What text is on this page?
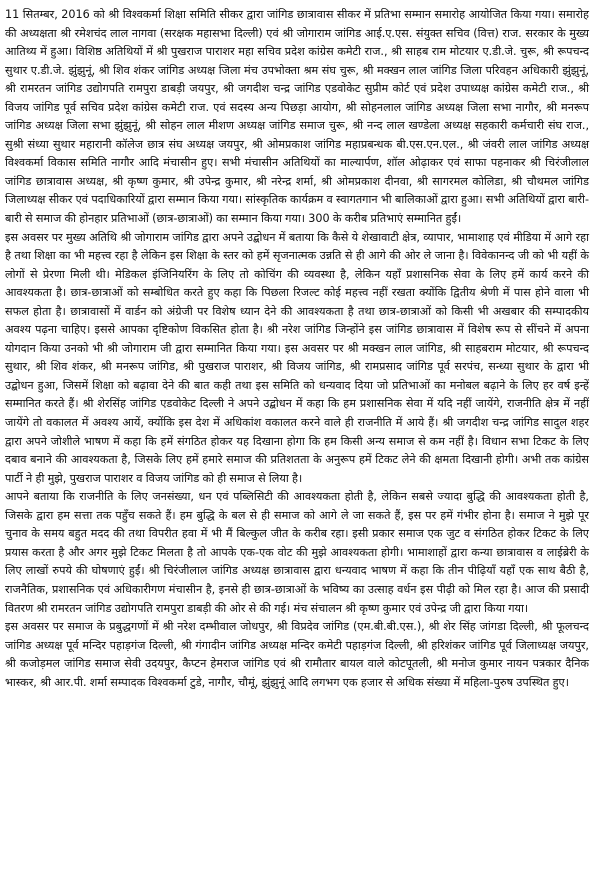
11 सितम्बर, 2016 को श्री विश्वकर्मा शिक्षा समिति सीकर द्वारा जांगिड छात्रावास सीकर में प्रतिभा सम्मान समारोह आयोजित किया गया। समारोह की अध्यक्षता श्री रमेशचंद लाल नागवा (सरक्षक महासभा दिल्ली) एवं श्री जोगाराम जांगिड आई.ए.एस. संयुक्त सचिव (वित्त) राज. सरकार के मुख्य आतिथ्य में हुआ। विशिष्ठ अतिथियों में श्री पुखराज पाराशर महा सचिव प्रदेश कांग्रेस कमेटी राज., श्री साहब राम मोटयार ए.डी.जे. चुरू, श्री रूपचन्द सुथार ए.डी.जे. झुंझुनूं, श्री शिव शंकर जांगिड अध्यक्ष जिला मंच उपभोक्ता श्रम संघ चुरू, श्री मक्खन लाल जांगिड जिला परिवहन अधिकारी झुंझुनूं, श्री रामरतन जांगिड उद्योगपति रामपुरा डाबड़ी जयपुर, श्री जगदीश चन्द्र जांगिड एडवोकेट सुप्रीम कोर्ट एवं प्रदेश उपाध्यक्ष कांग्रेस कमेटी राज., श्री विजय जांगिड पूर्व सचिव प्रदेश कांग्रेस कमेटी राज. एवं सदस्य अन्य पिछड़ा आयोग, श्री सोहनलाल जांगिड अध्यक्ष जिला सभा नागौर, श्री मनरूप जांगिड अध्यक्ष जिला सभा झुंझुनूं, श्री सोहन लाल मीशण अध्यक्ष जांगिड समाज चुरू, श्री नन्द लाल खण्डेला अध्यक्ष सहकारी कर्मचारी संघ राज., सुश्री संध्या सुथार महारानी कॉलेज छात्र संघ अध्यक्ष जयपुर, श्री ओमप्रकाश जांगिड महाप्रबन्धक बी.एस.एन.एल., श्री जंवरी लाल जांगिड अध्यक्ष विश्वकर्मा विकास समिति नागौर आदि मंचासीन हुए। सभी मंचासीन अतिथियों का माल्यार्पण, शॉल ओढ़ाकर एवं साफा पहनाकर श्री चिरंजीलाल जांगिड छात्रावास अध्यक्ष, श्री कृष्ण कुमार, श्री उपेन्द्र कुमार, श्री नरेन्द्र शर्मा, श्री ओमप्रकाश दीनवा, श्री सागरमल कोलिडा, श्री चौथमल जांगिड जिलाध्यक्ष सीकर एवं पदाधिकारियों द्वारा सम्मान किया गया। सांस्कृतिक कार्यक्रम व स्वागतगान भी बालिकाओं द्वारा हुआ। सभी अतिथियों द्वारा बारी-बारी से समाज की होनहार प्रतिभाओं (छात्र-छात्राओं) का सम्मान किया गया। 300 के करीब प्रतिभाएं सम्मानित हुईं।

इस अवसर पर मुख्य अतिथि श्री जोगाराम जांगिड द्वारा अपने उद्बोधन में बताया कि कैसे ये शेखावाटी क्षेत्र, व्यापार, भामाशाह एवं मीडिया में आगे रहा है तथा शिक्षा का भी महत्त्व रहा है लेकिन इस शिक्षा के स्तर को हमें सृजनात्मक उन्नति से ही आगे की ओर ले जाना है। विवेकानन्द जी को भी यहीं के लोगों से प्रेरणा मिली थी। मेडिकल इंजिनियरिंग के लिए तो कोचिंग की व्यवस्था है, लेकिन यहाँ प्रशासनिक सेवा के लिए हमें कार्य करने की आवश्यकता है। छात्र-छात्राओं को सम्बोधित करते हुए कहा कि पिछला रिजल्ट कोई महत्त्व नहीं रखता क्योंकि द्वितीय श्रेणी में पास होने वाला भी सफल होता है। छात्रावासों में वार्डन को अंग्रेजी पर विशेष ध्यान देने की आवश्यकता है तथा छात्र-छात्राओं को किसी भी अखबार की सम्पादकीय अवश्य पढ़ना चाहिए। इससे आपका दृष्टिकोण विकसित होता है। श्री नरेश जांगिड जिन्होंने इस जांगिड छात्रावास में विशेष रूप से सींचने में अपना योगदान किया उनको भी श्री जोगाराम जी द्वारा सम्मानित किया गया। इस अवसर पर श्री मक्खन लाल जांगिड, श्री साहबराम मोटयार, श्री रूपचन्द सुथार, श्री शिव शंकर, श्री मनरूप जांगिड, श्री पुखराज पाराशर, श्री विजय जांगिड, श्री रामप्रसाद जांगिड पूर्व सरपंच, सन्ध्या सुथार के द्वारा भी उद्बोधन हुआ, जिसमें शिक्षा को बढ़ावा देने की बात कही तथा इस समिति को धन्यवाद दिया जो प्रतिभाओं का मनोबल बढ़ाने के लिए हर वर्ष इन्हें सम्मानित करते हैं। श्री शेरसिंह जांगिड एडवोकेट दिल्ली ने अपने उद्बोधन में कहा कि हम प्रशासनिक सेवा में यदि नहीं जायेंगे, राजनीति क्षेत्र में नहीं जायेंगे तो वकालत में अवश्य आयें, क्योंकि इस देश में अधिकांश वकालत करने वाले ही राजनीति में आये हैं। श्री जगदीश चन्द्र जांगिड सादुल शहर द्वारा अपने जोशीले भाषण में कहा कि हमें संगठित होकर यह दिखाना होगा कि हम किसी अन्य समाज से कम नहीं है। विधान सभा टिकट के लिए दबाव बनाने की आवश्यकता है, जिसके लिए हमें हमारे समाज की प्रतिशतता के अनुरूप हमें टिकट लेने की क्षमता दिखानी होगी। अभी तक कांग्रेस पार्टी ने ही मुझे, पुखराज पाराशर व विजय जांगिड को ही समाज से लिया है।

आपने बताया कि राजनीति के लिए जनसंख्या, धन एवं पब्लिसिटी की आवश्यकता होती है, लेकिन सबसे ज्यादा बुद्धि की आवश्यकता होती है, जिसके द्वारा हम सत्ता तक पहुँच सकते हैं। हम बुद्धि के बल से ही समाज को आगे ले जा सकते हैं, इस पर हमें गंभीर होना है। समाज ने मुझे पूर चुनाव के समय बहुत मदद की तथा विपरीत हवा में भी मैं बिल्कुल जीत के करीब रहा। इसी प्रकार समाज एक जुट व संगठित होकर टिकट के लिए प्रयास करता है और अगर मुझे टिकट मिलता है तो आपके एक-एक वोट की मुझे आवश्यकता होगी। भामाशाहों द्वारा कन्या छात्रावास व लाईब्रेरी के लिए लाखों रुपये की घोषणाएं हुईं। श्री चिरंजीलाल जांगिड अध्यक्ष छात्रावास द्वारा धन्यवाद भाषण में कहा कि तीन पीढ़ियाँ यहाँ एक साथ बैठी है, राजनैतिक, प्रशासनिक एवं अधिकारीगण मंचासीन है, इनसे ही छात्र-छात्राओं के भविष्य का उत्साह वर्धन इस पीढ़ी को मिल रहा है। आज की प्रसादी वितरण श्री रामरतन जांगिड उद्योगपति रामपुरा डाबड़ी की ओर से की गई। मंच संचालन श्री कृष्ण कुमार एवं उपेन्द्र जी द्वारा किया गया।

इस अवसर पर समाज के प्रबुद्धगणों में श्री नरेश दम्भीवाल जोधपुर, श्री विप्रदेव जांगिड (एम.बी.बी.एस.), श्री शेर सिंह जांगडा दिल्ली, श्री फूलचन्द जांगिड अध्यक्ष पूर्व मन्दिर पहाड़गंज दिल्ली, श्री गंगादीन जांगिड अध्यक्ष मन्दिर कमेटी पहाड़गंज दिल्ली, श्री हरिशंकर जांगिड पूर्व जिलाध्यक्ष जयपुर, श्री कजोड़मल जांगिड समाज सेवी उदयपुर, कैप्टन हेमराज जांगिड एवं श्री रामौतार बायल वाले कोटपूतली, श्री मनोज कुमार नायन पत्रकार दैनिक भास्कर, श्री आर.पी. शर्मा सम्पादक विश्वकर्मा टुडे, नागौर, चौमूं, झुंझुनूं आदि लगभग एक हजार से अधिक संख्या में महिला-पुरुष उपस्थित हुए।
